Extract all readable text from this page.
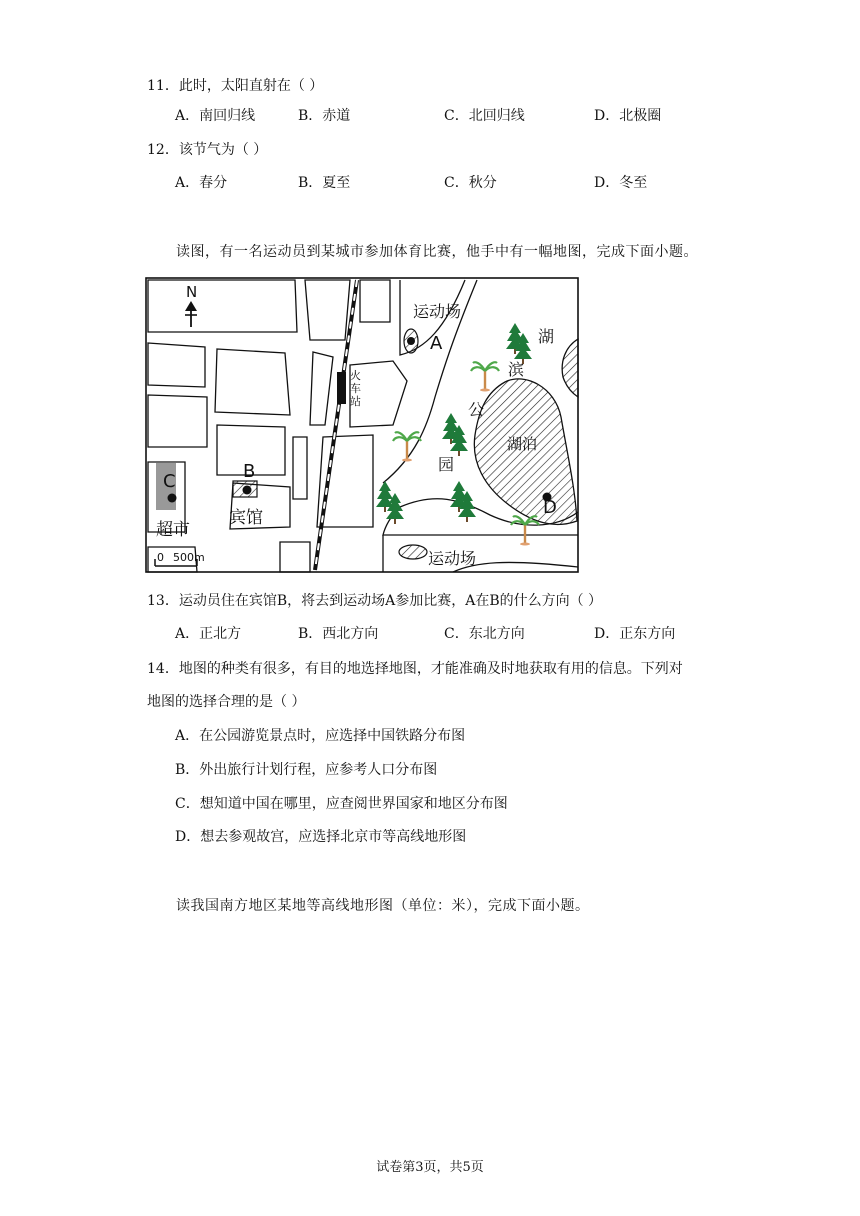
11．此时，太阳直射在（ ）
A．南回归线	B．赤道	C．北回归线	D．北极圈
12．该节气为（ ）
A．春分	B．夏至	C．秋分	D．冬至
读图，有一名运动员到某城市参加体育比赛，他手中有一幅地图，完成下面小题。
火
车
站
N
A
运动场
湖泊
D
湖
滨
公
园
B
宾馆
C
超市
0 500m	运动场
13．运动员住在宾馆B，将去到运动场A参加比赛，A在B的什么方向（ ）
A．正北方	B．西北方向	C．东北方向	D．正东方向
14．地图的种类有很多，有目的地选择地图，才能准确及时地获取有用的信息。下列对
地图的选择合理的是（ ）
A．在公园游览景点时，应选择中国铁路分布图
B．外出旅行计划行程，应参考人口分布图
C．想知道中国在哪里，应查阅世界国家和地区分布图
D．想去参观故宫，应选择北京市等高线地形图
读我国南方地区某地等高线地形图（单位：米），完成下面小题。
试卷第3页，共5页
